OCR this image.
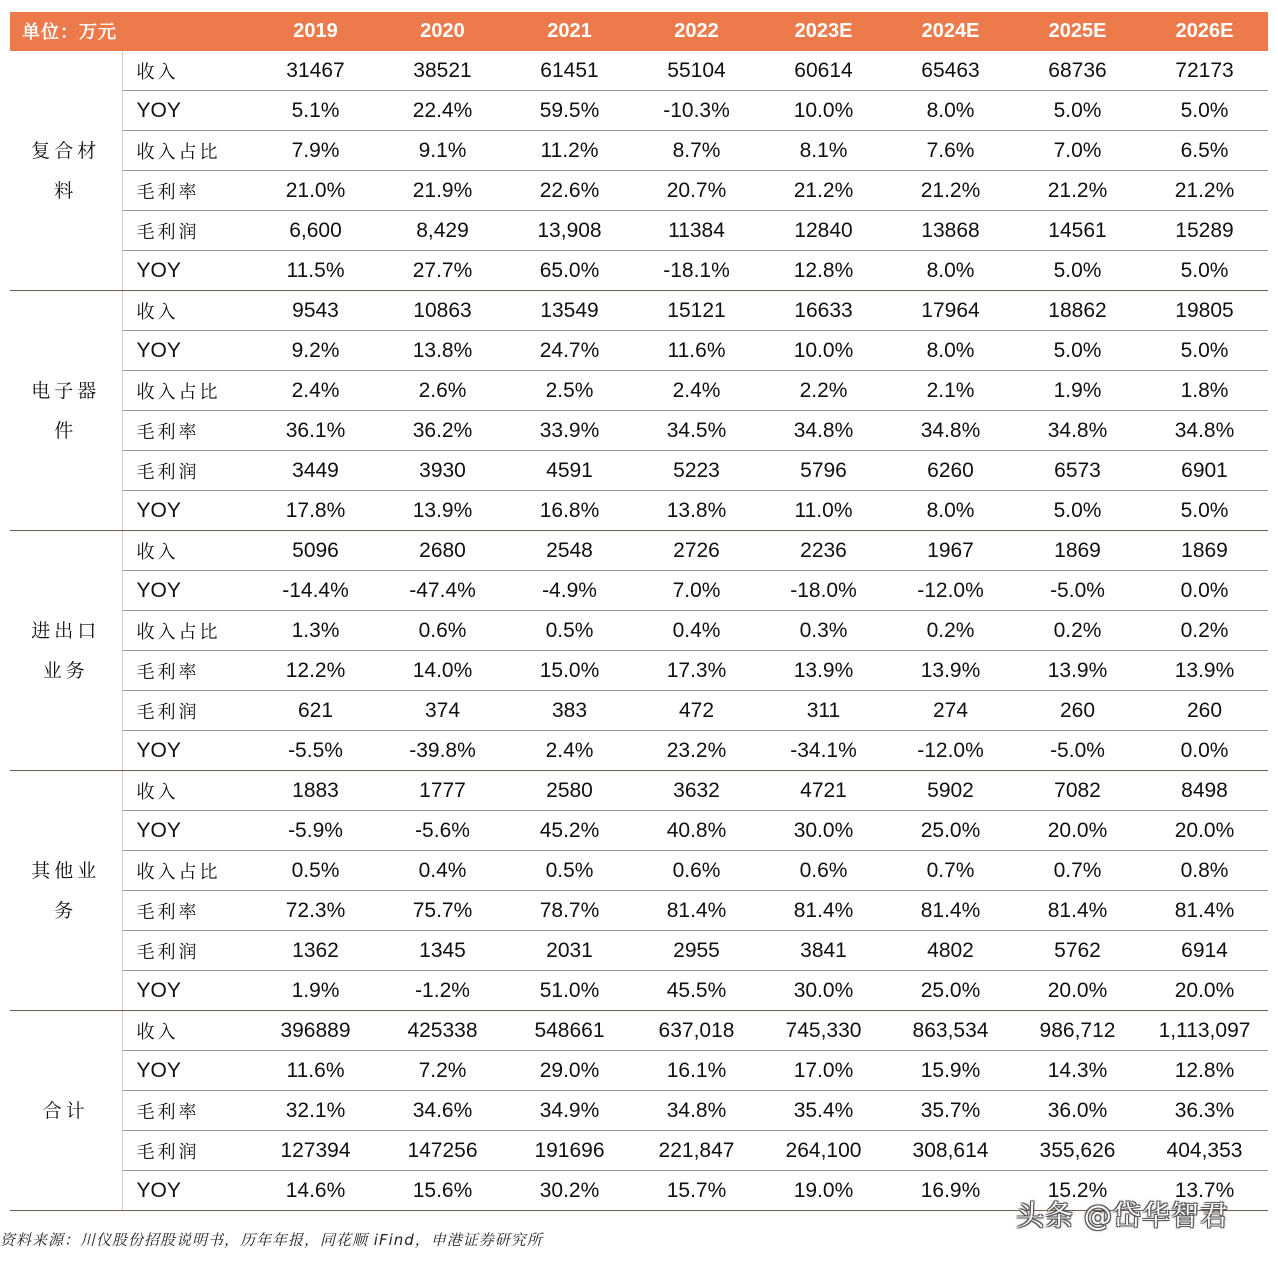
单位：万元		2019	2020	2021	2022	2023E	2024E	2025E	2026E

复合材料	收入	31467	38521	61451	55104	60614	65463	68736	72173
	YOY	5.1%	22.4%	59.5%	-10.3%	10.0%	8.0%	5.0%	5.0%
	收入占比	7.9%	9.1%	11.2%	8.7%	8.1%	7.6%	7.0%	6.5%
	毛利率	21.0%	21.9%	22.6%	20.7%	21.2%	21.2%	21.2%	21.2%
	毛利润	6,600	8,429	13,908	11384	12840	13868	14561	15289
	YOY	11.5%	27.7%	65.0%	-18.1%	12.8%	8.0%	5.0%	5.0%

电子器件	收入	9543	10863	13549	15121	16633	17964	18862	19805
	YOY	9.2%	13.8%	24.7%	11.6%	10.0%	8.0%	5.0%	5.0%
	收入占比	2.4%	2.6%	2.5%	2.4%	2.2%	2.1%	1.9%	1.8%
	毛利率	36.1%	36.2%	33.9%	34.5%	34.8%	34.8%	34.8%	34.8%
	毛利润	3449	3930	4591	5223	5796	6260	6573	6901
	YOY	17.8%	13.9%	16.8%	13.8%	11.0%	8.0%	5.0%	5.0%

进出口业务	收入	5096	2680	2548	2726	2236	1967	1869	1869
	YOY	-14.4%	-47.4%	-4.9%	7.0%	-18.0%	-12.0%	-5.0%	0.0%
	收入占比	1.3%	0.6%	0.5%	0.4%	0.3%	0.2%	0.2%	0.2%
	毛利率	12.2%	14.0%	15.0%	17.3%	13.9%	13.9%	13.9%	13.9%
	毛利润	621	374	383	472	311	274	260	260
	YOY	-5.5%	-39.8%	2.4%	23.2%	-34.1%	-12.0%	-5.0%	0.0%

其他业务	收入	1883	1777	2580	3632	4721	5902	7082	8498
	YOY	-5.9%	-5.6%	45.2%	40.8%	30.0%	25.0%	20.0%	20.0%
	收入占比	0.5%	0.4%	0.5%	0.6%	0.6%	0.7%	0.7%	0.8%
	毛利率	72.3%	75.7%	78.7%	81.4%	81.4%	81.4%	81.4%	81.4%
	毛利润	1362	1345	2031	2955	3841	4802	5762	6914
	YOY	1.9%	-1.2%	51.0%	45.5%	30.0%	25.0%	20.0%	20.0%

合计	收入	396889	425338	548661	637,018	745,330	863,534	986,712	1,113,097
	YOY	11.6%	7.2%	29.0%	16.1%	17.0%	15.9%	14.3%	12.8%
	毛利率	32.1%	34.6%	34.9%	34.8%	35.4%	35.7%	36.0%	36.3%
	毛利润	127394	147256	191696	221,847	264,100	308,614	355,626	404,353
	YOY	14.6%	15.6%	30.2%	15.7%	19.0%	16.9%	15.2%	13.7%
资料来源：川仪股份招股说明书，历年年报，同花顺 iFind，申港证券研究所
头条 @岱华智君
